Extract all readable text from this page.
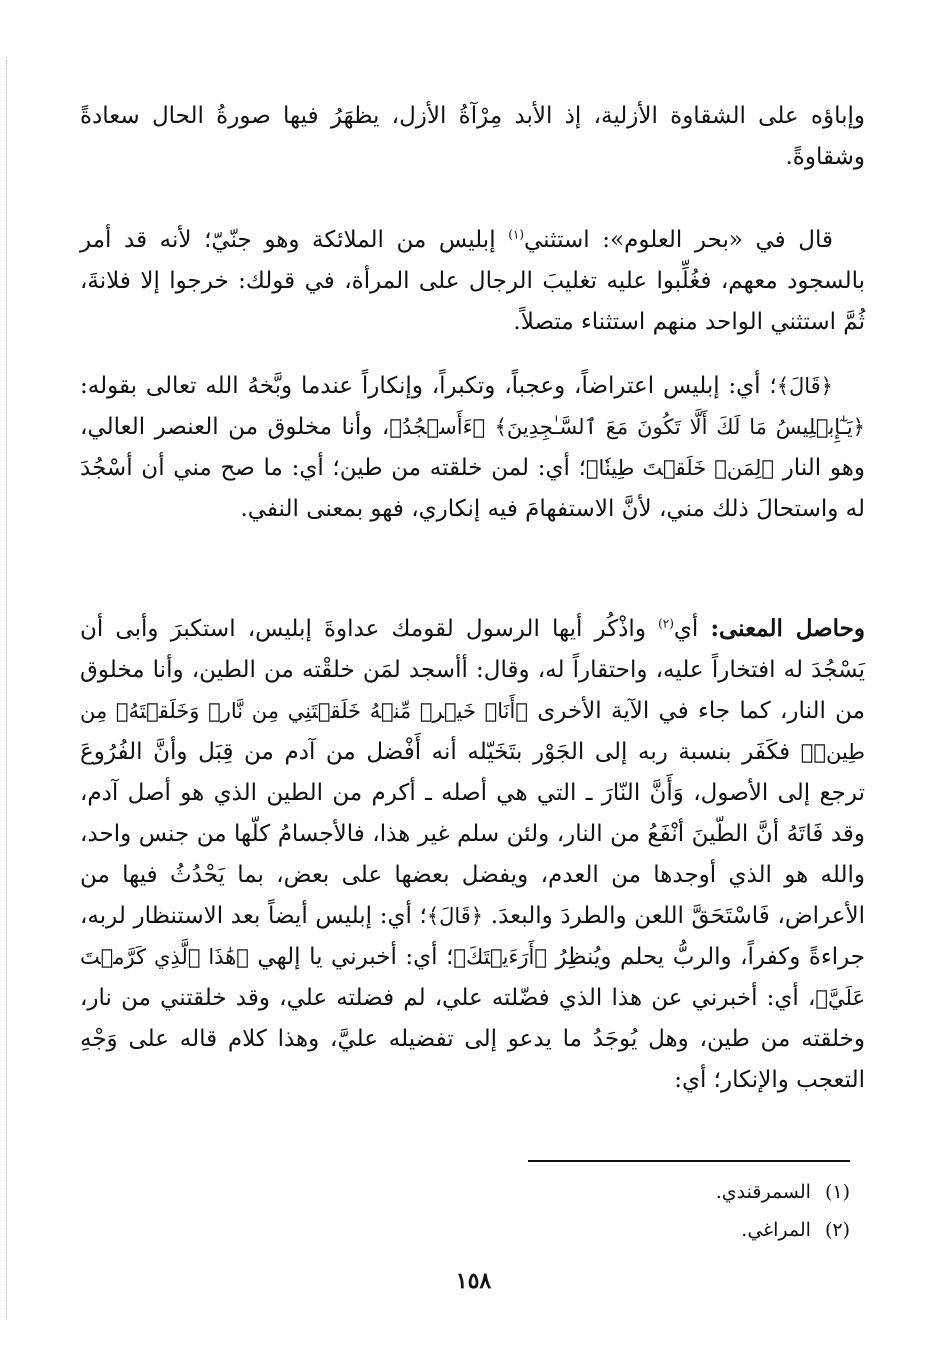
وإباؤه على الشقاوة الأزلية، إذ الأبد مِرْآةُ الأزل، يظهَرُ فيها صورةُ الحال سعادةً وشقاوةً.

قال في «بحر العلوم»: استثني$^{(١)}$ إبليس من الملائكة وهو جنّيّ؛ لأنه قد أمر بالسجود معهم، فغُلِّبوا عليه تغليبَ الرجال على المرأة، في قولك: خرجوا إلا فلانةَ، ثُمَّ استثني الواحد منهم استثناء متصلاً.

﴿قَالَ﴾؛ أي: إبليس اعتراضاً، وعجباً، وتكبراً، وإنكاراً عندما وبَّخهُ الله تعالى بقوله: ﴿يَـٰٓإِبۡلِيسُ مَا لَكَ أَلَّا تَكُونَ مَعَ ٱلسَّـٰجِدِينَ﴾ ﴿ءَأَسۡجُدُ﴾، وأنا مخلوق من العنصر العالي، وهو النار ﴿لِمَنۡ خَلَقۡتَ طِينٗا﴾؛ أي: لمن خلقته من طين؛ أي: ما صح مني أن أسْجُدَ له واستحالَ ذلك مني، لأنَّ الاستفهامَ فيه إنكاري، فهو بمعنى النفي.

وحاصل المعنى: أي$^{(٢)}$ واذْكُر أيها الرسول لقومك عداوةَ إبليس، استكبرَ وأبى أن يَسْجُدَ له افتخاراً عليه، واحتقاراً له، وقال: أأسجد لمَن خلقْته من الطين، وأنا مخلوق من النار، كما جاء في الآية الأخرى ﴿أَنَا۠ خَيۡرٞ مِّنۡهُ خَلَقۡتَنِي مِن نَّارٖ وَخَلَقۡتَهُۥ مِن طِينٖ﴾ فكَفَر بنسبة ربه إلى الجَوْر بتَخَيّله أنه أَفْضل من آدم من قِبَل وأنَّ الفُرُوعَ ترجع إلى الأصول، وَأَنَّ النّارَ ـ التي هي أصله ـ أكرم من الطين الذي هو أصل آدم، وقد فَاتَهُ أنَّ الطّينَ أنْفَعُ من النار، ولئن سلم غير هذا، فالأجسامُ كلّها من جنس واحد، والله هو الذي أوجدها من العدم، ويفضل بعضها على بعض، بما يَحْدُثُ فيها من الأعراض، فَاسْتَحَقَّ اللعن والطردَ والبعدَ. ﴿قَالَ﴾؛ أي: إبليس أيضاً بعد الاستنظار لربه، جراءةً وكفراً، والربُّ يحلم ويُنظِرُ ﴿أَرَءَيۡتَكَ﴾؛ أي: أخبرني يا إلهي ﴿هَٰذَا ٱلَّذِي كَرَّمۡتَ عَلَيَّ﴾، أي: أخبرني عن هذا الذي فضّلته علي، لم فضلته علي، وقد خلقتني من نار، وخلقته من طين، وهل يُوجَدُ ما يدعو إلى تفضيله عليَّ، وهذا كلام قاله على وَجْهِ التعجب والإنكار؛ أي:

(١)السمرقندي.

(٢)المراغي.

١٥٨
